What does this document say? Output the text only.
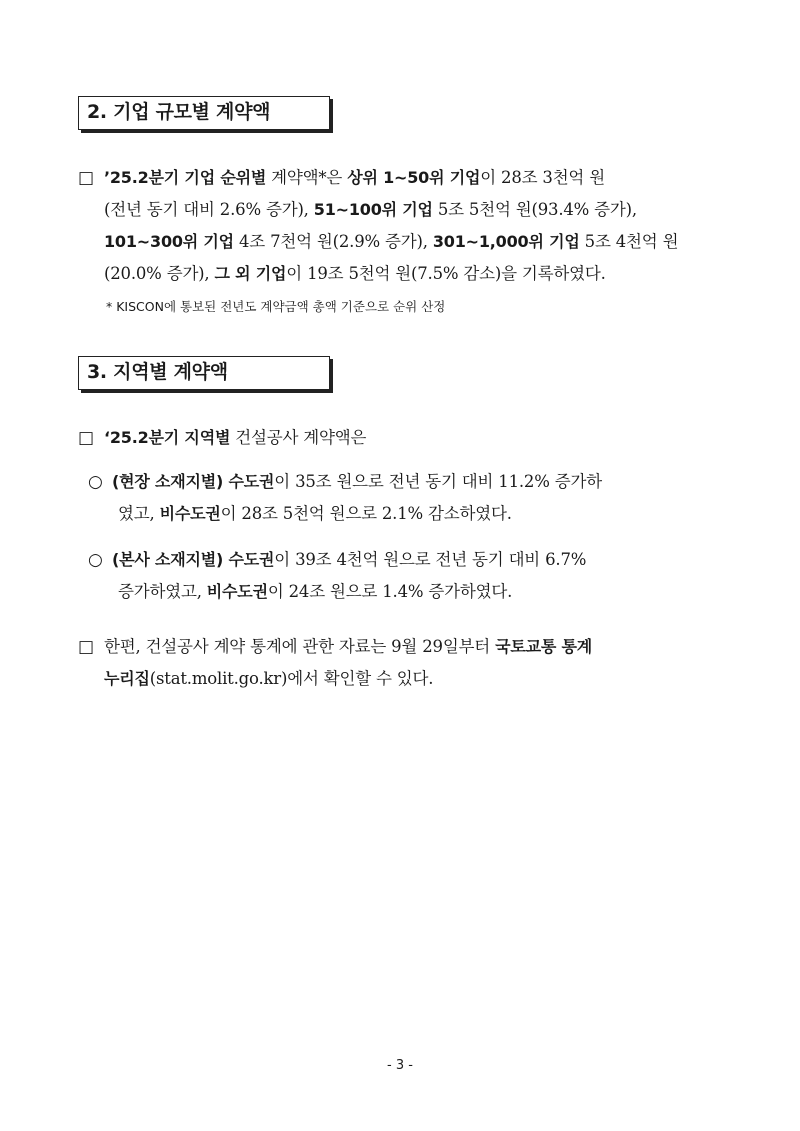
2. 기업 규모별 계약액
□ ’25.2분기 기업 순위별 계약액*은 상위 1~50위 기업이 28조 3천억 원
(전년 동기 대비 2.6% 증가), 51~100위 기업 5조 5천억 원(93.4% 증가),
101~300위 기업 4조 7천억 원(2.9% 증가), 301~1,000위 기업 5조 4천억 원
(20.0% 증가), 그 외 기업이 19조 5천억 원(7.5% 감소)을 기록하였다.
* KISCON에 통보된 전년도 계약금액 총액 기준으로 순위 산정
3. 지역별 계약액
□ ‘25.2분기 지역별 건설공사 계약액은
○ (현장 소재지별) 수도권이 35조 원으로 전년 동기 대비 11.2% 증가하
였고, 비수도권이 28조 5천억 원으로 2.1% 감소하였다.
○ (본사 소재지별) 수도권이 39조 4천억 원으로 전년 동기 대비 6.7%
증가하였고, 비수도권이 24조 원으로 1.4% 증가하였다.
□ 한편, 건설공사 계약 통계에 관한 자료는 9월 29일부터 국토교통 통계
누리집(stat.molit.go.kr)에서 확인할 수 있다.
- 3 -
